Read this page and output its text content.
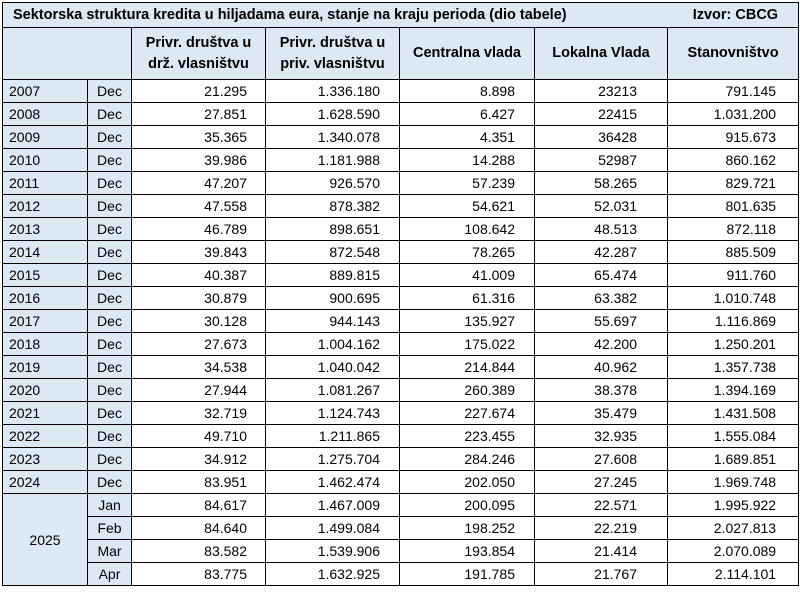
Sektorska struktura kredita u hiljadama eura, stanje na kraju perioda (dio tabele) Izvor: CBCG						

		Privr. društva u drž. vlasništvu	Privr. društva u priv. vlasništvu	Centralna vlada	Lokalna Vlada	Stanovništvo
2007	Dec	21.295	1.336.180	8.898	23213	791.145
2008	Dec	27.851	1.628.590	6.427	22415	1.031.200
2009	Dec	35.365	1.340.078	4.351	36428	915.673
2010	Dec	39.986	1.181.988	14.288	52987	860.162
2011	Dec	47.207	926.570	57.239	58.265	829.721
2012	Dec	47.558	878.382	54.621	52.031	801.635
2013	Dec	46.789	898.651	108.642	48.513	872.118
2014	Dec	39.843	872.548	78.265	42.287	885.509
2015	Dec	40.387	889.815	41.009	65.474	911.760
2016	Dec	30.879	900.695	61.316	63.382	1.010.748
2017	Dec	30.128	944.143	135.927	55.697	1.116.869
2018	Dec	27.673	1.004.162	175.022	42.200	1.250.201
2019	Dec	34.538	1.040.042	214.844	40.962	1.357.738
2020	Dec	27.944	1.081.267	260.389	38.378	1.394.169
2021	Dec	32.719	1.124.743	227.674	35.479	1.431.508
2022	Dec	49.710	1.211.865	223.455	32.935	1.555.084
2023	Dec	34.912	1.275.704	284.246	27.608	1.689.851
2024	Dec	83.951	1.462.474	202.050	27.245	1.969.748
2025	Jan	84.617	1.467.009	200.095	22.571	1.995.922
	Feb	84.640	1.499.084	198.252	22.219	2.027.813
	Mar	83.582	1.539.906	193.854	21.414	2.070.089
	Apr	83.775	1.632.925	191.785	21.767	2.114.101
